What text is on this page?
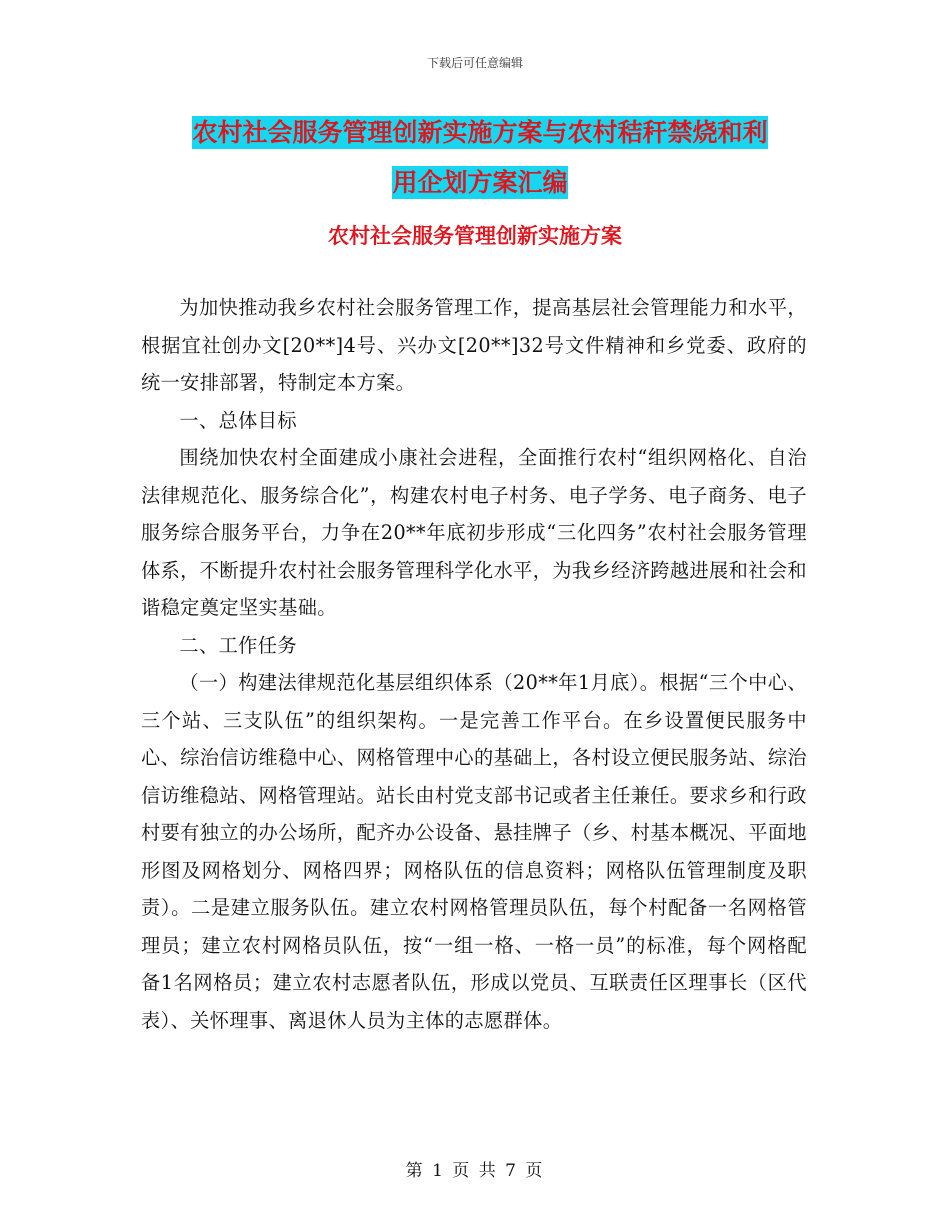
下载后可任意编辑
农村社会服务管理创新实施方案与农村秸秆禁烧和利
用企划方案汇编
农村社会服务管理创新实施方案

为加快推动我乡农村社会服务管理工作，提高基层社会管理能力和水平，根据宜社创办文[20**]4号、兴办文[20**]32号文件精神和乡党委、政府的统一安排部署，特制定本方案。

一、总体目标

围绕加快农村全面建成小康社会进程，全面推行农村“组织网格化、自治法律规范化、服务综合化”，构建农村电子村务、电子学务、电子商务、电子服务综合服务平台，力争在20**年底初步形成“三化四务”农村社会服务管理体系，不断提升农村社会服务管理科学化水平，为我乡经济跨越进展和社会和谐稳定奠定坚实基础。

二、工作任务

（一）构建法律规范化基层组织体系（20**年1月底）。根据“三个中心、三个站、三支队伍”的组织架构。一是完善工作平台。在乡设置便民服务中心、综治信访维稳中心、网格管理中心的基础上，各村设立便民服务站、综治信访维稳站、网格管理站。站长由村党支部书记或者主任兼任。要求乡和行政村要有独立的办公场所，配齐办公设备、悬挂牌子（乡、村基本概况、平面地形图及网格划分、网格四界；网格队伍的信息资料；网格队伍管理制度及职责）。二是建立服务队伍。建立农村网格管理员队伍，每个村配备一名网格管理员；建立农村网格员队伍，按“一组一格、一格一员”的标准，每个网格配备1名网格员；建立农村志愿者队伍，形成以党员、互联责任区理事长（区代表）、关怀理事、离退休人员为主体的志愿群体。

第 1 页 共 7 页
